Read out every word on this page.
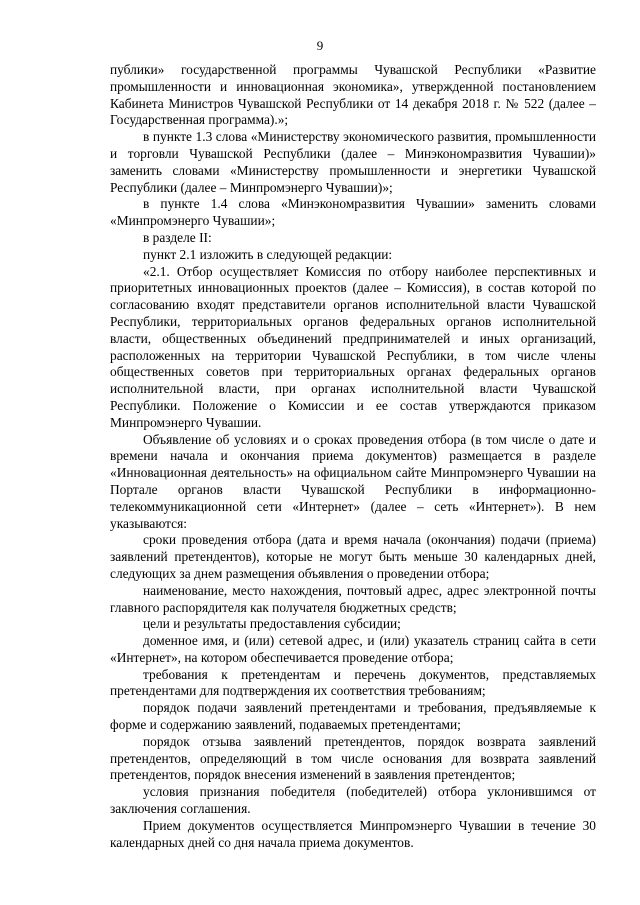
9

публики» государственной программы Чувашской Республики «Развитие промышленности и инновационная экономика», утвержденной постановлением Кабинета Министров Чувашской Республики от 14 декабря 2018 г. № 522 (далее – Государственная программа).»;

в пункте 1.3 слова «Министерству экономического развития, промышленности и торговли Чувашской Республики (далее – Минэкономразвития Чувашии)» заменить словами «Министерству промышленности и энергетики Чувашской Республики (далее – Минпромэнерго Чувашии)»;

в пункте 1.4 слова «Минэкономразвития Чувашии» заменить словами «Минпромэнерго Чувашии»;

в разделе II:

пункт 2.1 изложить в следующей редакции:

«2.1. Отбор осуществляет Комиссия по отбору наиболее перспективных и приоритетных инновационных проектов (далее – Комиссия), в состав которой по согласованию входят представители органов исполнительной власти Чувашской Республики, территориальных органов федеральных органов исполнительной власти, общественных объединений предпринимателей и иных организаций, расположенных на территории Чувашской Республики, в том числе члены общественных советов при территориальных органах федеральных органов исполнительной власти, при органах исполнительной власти Чувашской Республики. Положение о Комиссии и ее состав утверждаются приказом Минпромэнерго Чувашии.

Объявление об условиях и о сроках проведения отбора (в том числе о дате и времени начала и окончания приема документов) размещается в разделе «Инновационная деятельность» на официальном сайте Минпромэнерго Чувашии на Портале органов власти Чувашской Республики в информационно-телекоммуникационной сети «Интернет» (далее – сеть «Интернет»). В нем указываются:

сроки проведения отбора (дата и время начала (окончания) подачи (приема) заявлений претендентов), которые не могут быть меньше 30 календарных дней, следующих за днем размещения объявления о проведении отбора;

наименование, место нахождения, почтовый адрес, адрес электронной почты главного распорядителя как получателя бюджетных средств;

цели и результаты предоставления субсидии;

доменное имя, и (или) сетевой адрес, и (или) указатель страниц сайта в сети «Интернет», на котором обеспечивается проведение отбора;

требования к претендентам и перечень документов, представляемых претендентами для подтверждения их соответствия требованиям;

порядок подачи заявлений претендентами и требования, предъявляемые к форме и содержанию заявлений, подаваемых претендентами;

порядок отзыва заявлений претендентов, порядок возврата заявлений претендентов, определяющий в том числе основания для возврата заявлений претендентов, порядок внесения изменений в заявления претендентов;

условия признания победителя (победителей) отбора уклонившимся от заключения соглашения.

Прием документов осуществляется Минпромэнерго Чувашии в течение 30 календарных дней со дня начала приема документов.
